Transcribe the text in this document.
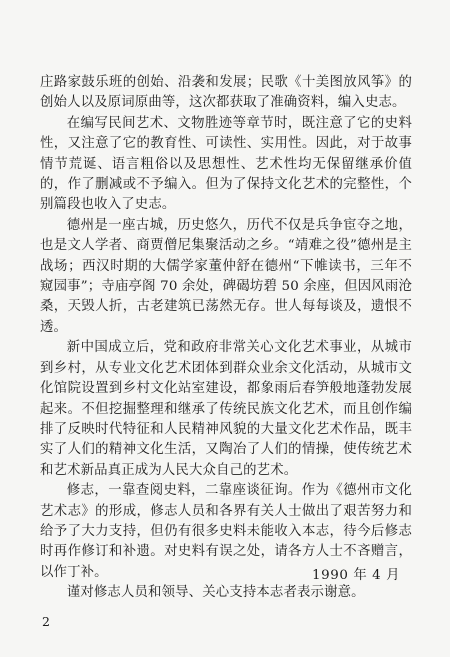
庄路家鼓乐班的创始、沿袭和发展；民歌《十美图放风筝》的创始人以及原词原曲等，这次都获取了准确资料，编入史志。

在编写民间艺术、文物胜迹等章节时，既注意了它的史料性，又注意了它的教育性、可读性、实用性。因此，对于故事情节荒诞、语言粗俗以及思想性、艺术性均无保留继承价值的，作了删减或不予编入。但为了保持文化艺术的完整性，个别篇段也收入了史志。

德州是一座古城，历史悠久，历代不仅是兵争宦夺之地，也是文人学者、商贾僧尼集聚活动之乡。“靖难之役”德州是主战场；西汉时期的大儒学家董仲舒在德州“下帷读书，三年不窥园事”；寺庙亭阁 70 余处，碑碣坊碧 50 余座，但因风雨沧桑，天毁人折，古老建筑已荡然无存。世人每每谈及，遗恨不透。

新中国成立后，党和政府非常关心文化艺术事业，从城市到乡村，从专业文化艺术团体到群众业余文化活动，从城市文化馆院设置到乡村文化站室建设，都象雨后春笋般地蓬勃发展起来。不但挖掘整理和继承了传统民族文化艺术，而且创作编排了反映时代特征和人民精神风貌的大量文化艺术作品，既丰实了人们的精神文化生活，又陶冶了人们的情操，使传统艺术和艺术新品真正成为人民大众自己的艺术。

修志，一靠查阅史料，二靠座谈征询。作为《德州市文化艺术志》的形成，修志人员和各界有关人士做出了艰苦努力和给予了大力支持，但仍有很多史料未能收入本志，待今后修志时再作修订和补遗。对史料有误之处，请各方人士不吝赠言，以作丁补。

谨对修志人员和领导、关心支持本志者表示谢意。

1990 年 4 月
2
